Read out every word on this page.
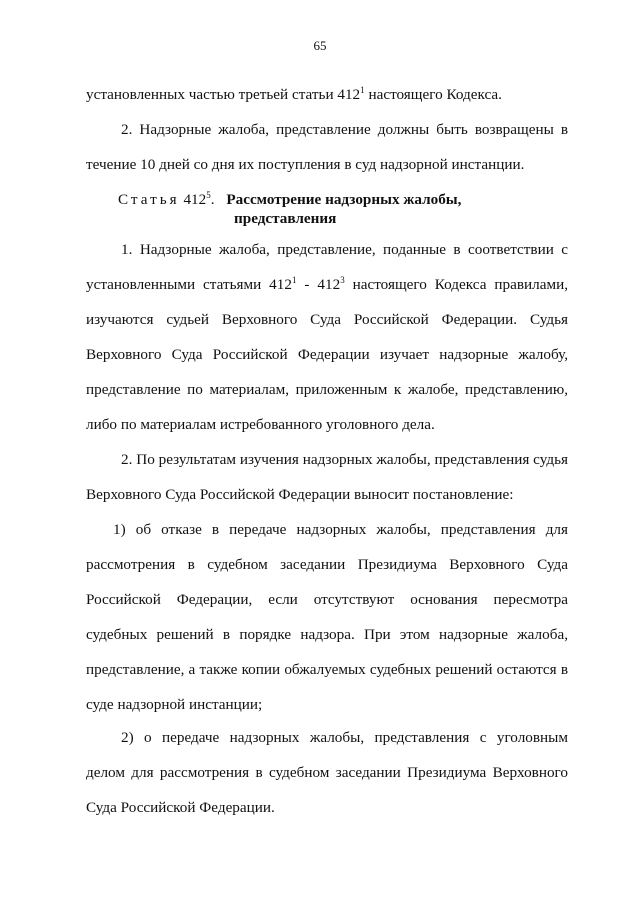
65
установленных частью третьей статьи $412^1$ настоящего Кодекса.
2. Надзорные жалоба, представление должны быть возвращены в
течение 10 дней со дня их поступления в суд надзорной инстанции.
Статья $412^5$. Рассмотрение надзорных жалобы,
представления
1. Надзорные жалоба, представление, поданные в соответствии с
установленными статьями $412^1 - 412^3$ настоящего Кодекса правилами,
изучаются судьей Верховного Суда Российской Федерации. Судья
Верховного Суда Российской Федерации изучает надзорные жалобу,
представление по материалам, приложенным к жалобе, представлению,
либо по материалам истребованного уголовного дела.
2. По результатам изучения надзорных жалобы, представления судья
Верховного Суда Российской Федерации выносит постановление:
1) об отказе в передаче надзорных жалобы, представления для
рассмотрения в судебном заседании Президиума Верховного Суда
Российской Федерации, если отсутствуют основания пересмотра
судебных решений в порядке надзора. При этом надзорные жалоба,
представление, а также копии обжалуемых судебных решений остаются в
суде надзорной инстанции;
2) о передаче надзорных жалобы, представления с уголовным
делом для рассмотрения в судебном заседании Президиума Верховного
Суда Российской Федерации.
